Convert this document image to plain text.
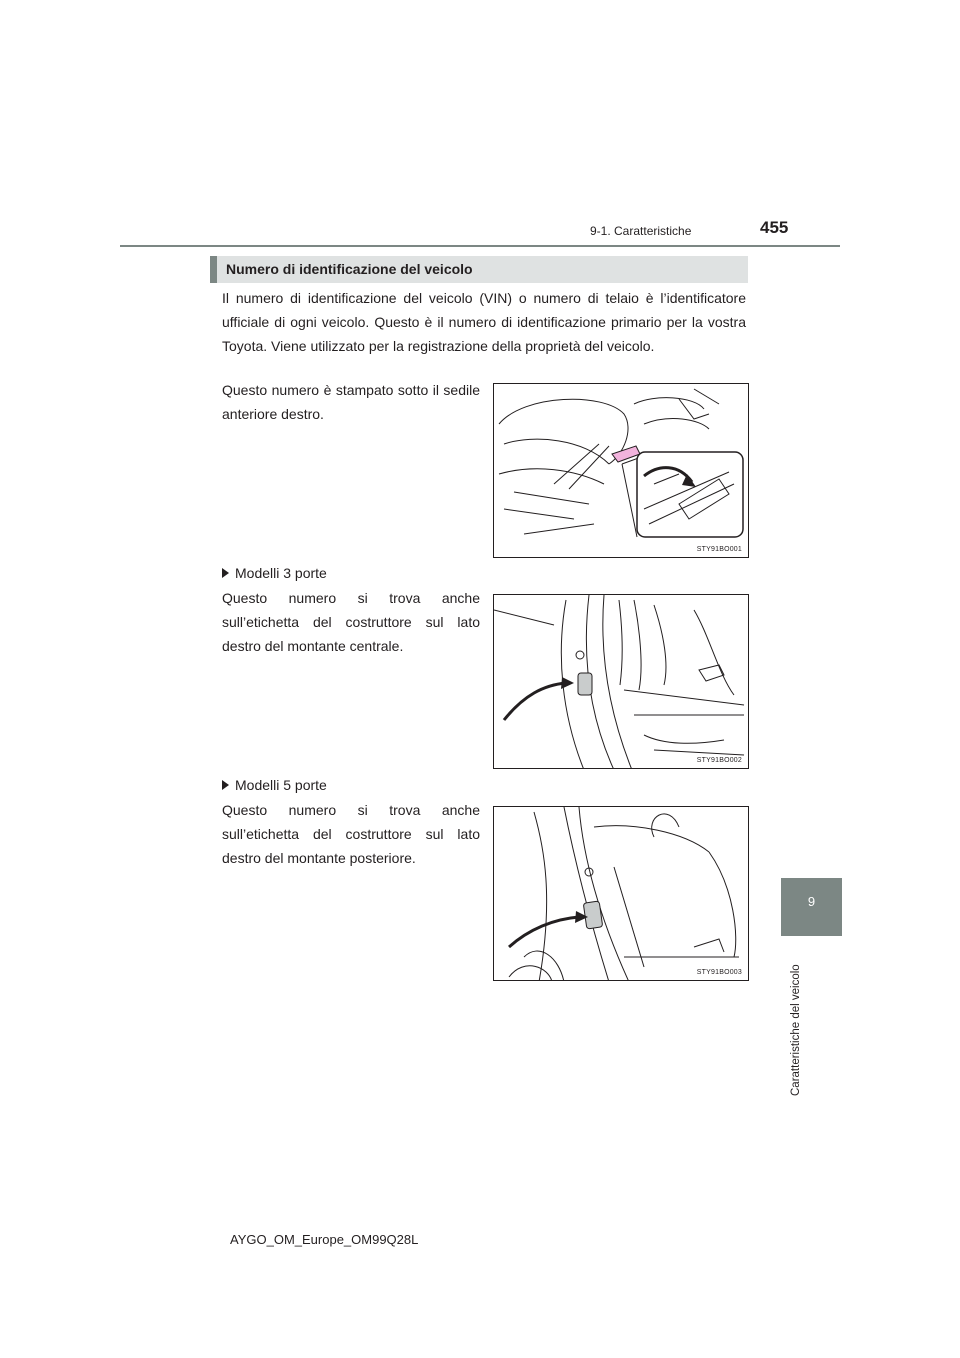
9-1. Caratteristiche	455
9
Caratteristiche del veicolo
Numero di identificazione del veicolo
Il numero di identificazione del veicolo (VIN) o numero di telaio è l’identificatore ufficiale di ogni veicolo. Questo è il numero di identificazione primario per la vostra Toyota. Viene utilizzato per la registrazione della proprietà del veicolo.
Questo numero è stampato sotto il sedile anteriore destro.
STY91BO001
Modelli 3 porte
Questo numero si trova anche sull’etichetta del costruttore sul lato destro del montante centrale.
STY91BO002
Modelli 5 porte
Questo numero si trova anche sull’etichetta del costruttore sul lato destro del montante posteriore.
STY91BO003
AYGO_OM_Europe_OM99Q28L
